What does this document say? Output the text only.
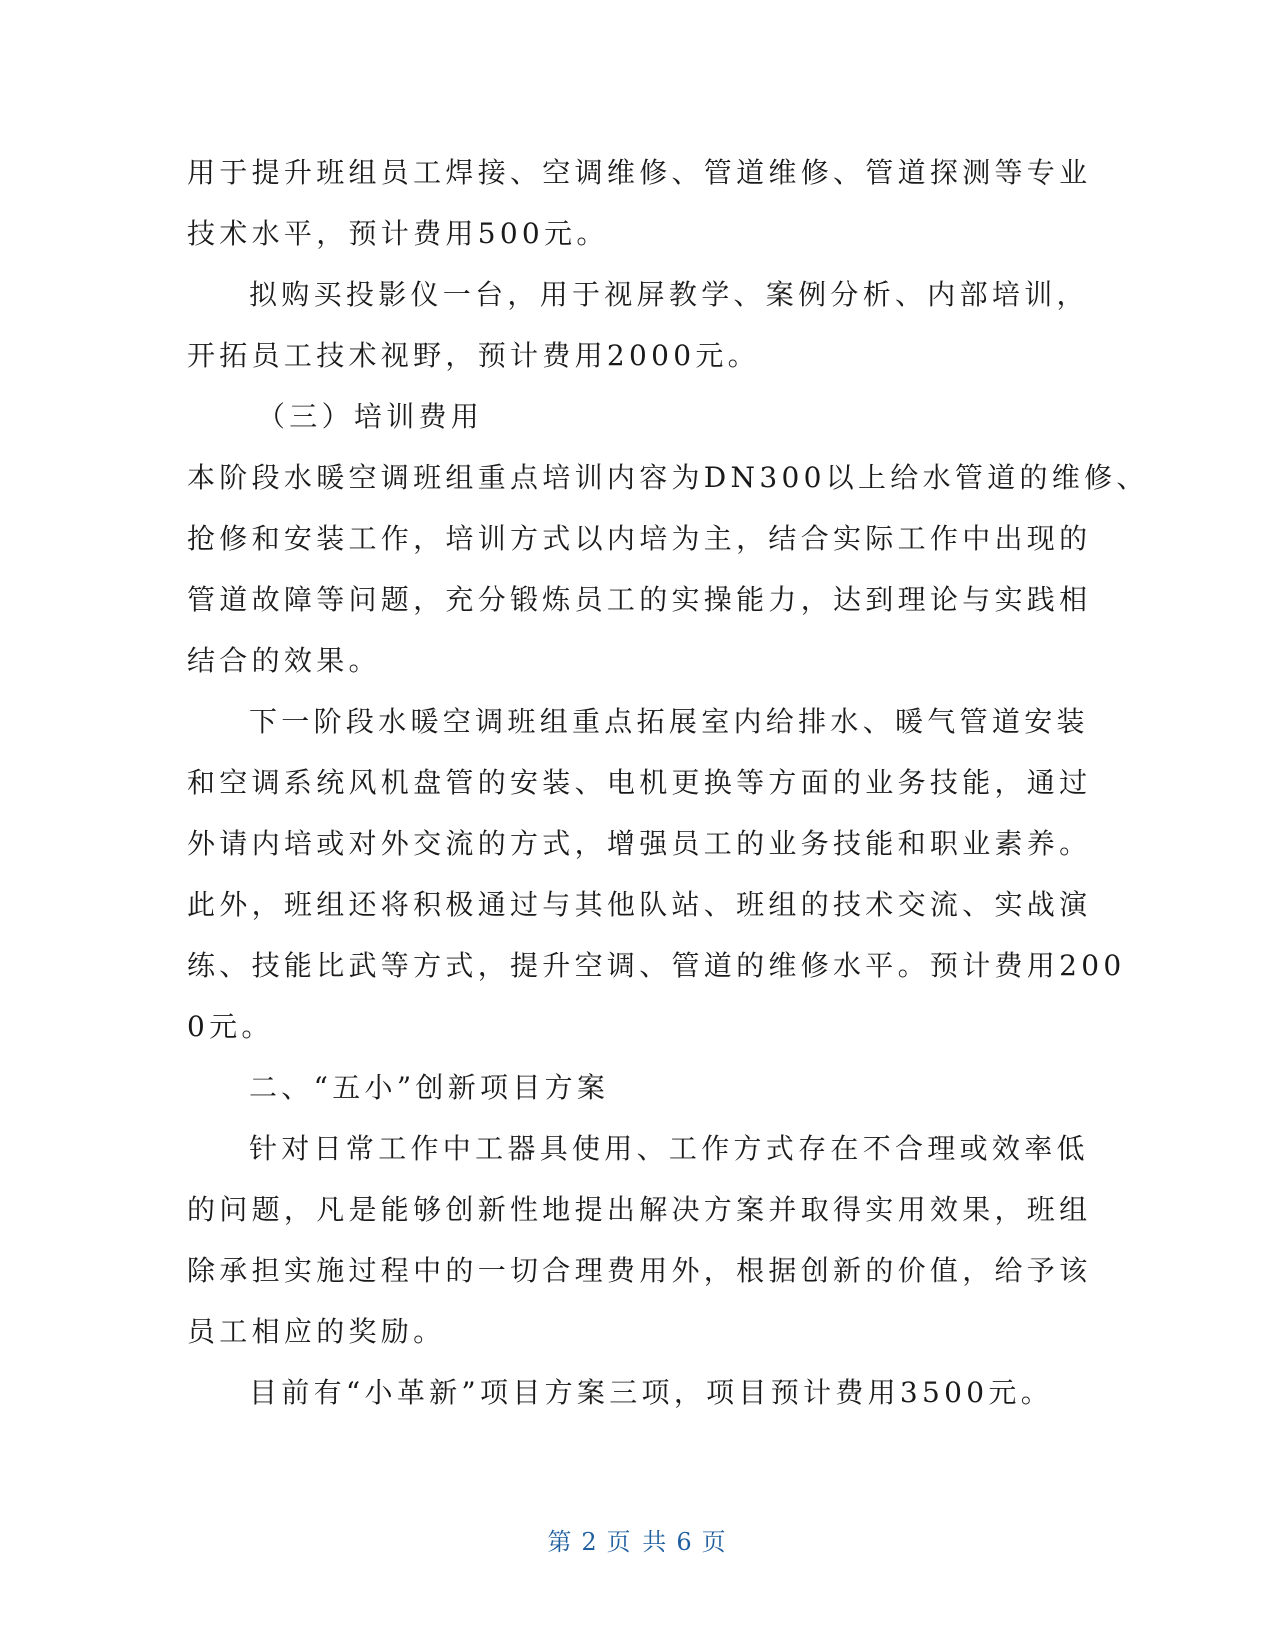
用于提升班组员工焊接、空调维修、管道维修、管道探测等专业
技术水平，预计费用500元。
拟购买投影仪一台，用于视屏教学、案例分析、内部培训，
开拓员工技术视野，预计费用2000元。
（三）培训费用
本阶段水暖空调班组重点培训内容为DN300以上给水管道的维修、
抢修和安装工作，培训方式以内培为主，结合实际工作中出现的
管道故障等问题，充分锻炼员工的实操能力，达到理论与实践相
结合的效果。
下一阶段水暖空调班组重点拓展室内给排水、暖气管道安装
和空调系统风机盘管的安装、电机更换等方面的业务技能，通过
外请内培或对外交流的方式，增强员工的业务技能和职业素养。
此外，班组还将积极通过与其他队站、班组的技术交流、实战演
练、技能比武等方式，提升空调、管道的维修水平。预计费用200
0元。
二、“五小”创新项目方案
针对日常工作中工器具使用、工作方式存在不合理或效率低
的问题，凡是能够创新性地提出解决方案并取得实用效果，班组
除承担实施过程中的一切合理费用外，根据创新的价值，给予该
员工相应的奖励。
目前有“小革新”项目方案三项，项目预计费用3500元。
第 2 页 共 6 页
